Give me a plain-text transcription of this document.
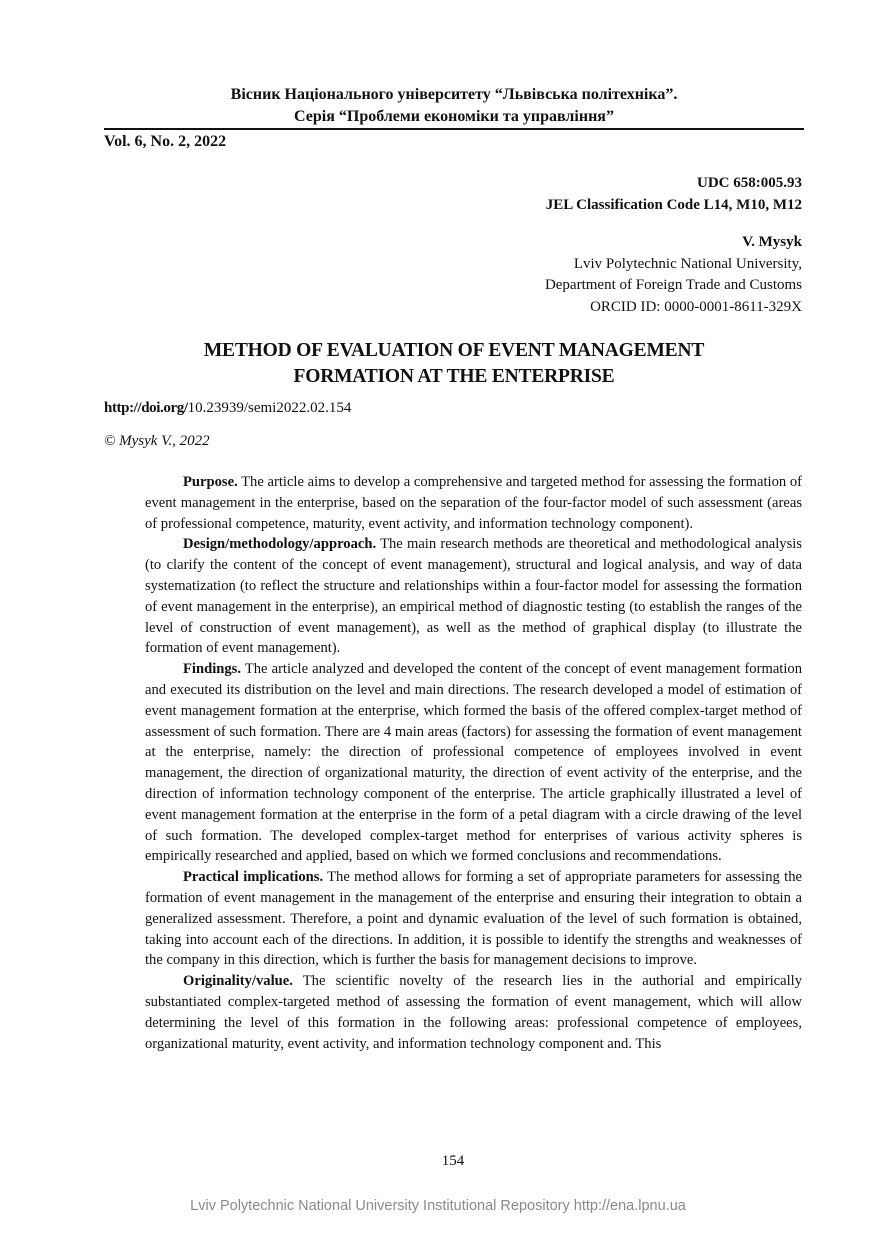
Вісник Національного університету “Львівська політехніка”.
Серія “Проблеми економіки та управління”
Vol. 6, No. 2, 2022
UDC 658:005.93
JEL Classification Code L14, M10, M12
V. Mysyk
Lviv Polytechnic National University,
Department of Foreign Trade and Customs
ORCID ID: 0000-0001-8611-329X
METHOD OF EVALUATION OF EVENT MANAGEMENT
FORMATION AT THE ENTERPRISE
http://doi.org/10.23939/semi2022.02.154
© Mysyk V., 2022

Purpose. The article aims to develop a comprehensive and targeted method for assessing the formation of event management in the enterprise, based on the separation of the four-factor model of such assessment (areas of professional competence, maturity, event activity, and information technology component).

Design/methodology/approach. The main research methods are theoretical and methodological analysis (to clarify the content of the concept of event management), structural and logical analysis, and way of data systematization (to reflect the structure and relationships within a four-factor model for assessing the formation of event management in the enterprise), an empirical method of diagnostic testing (to establish the ranges of the level of construction of event management), as well as the method of graphical display (to illustrate the formation of event management).

Findings. The article analyzed and developed the content of the concept of event management formation and executed its distribution on the level and main directions. The research developed a model of estimation of event management formation at the enterprise, which formed the basis of the offered complex-target method of assessment of such formation. There are 4 main areas (factors) for assessing the formation of event management at the enterprise, namely: the direction of professional competence of employees involved in event management, the direction of organizational maturity, the direction of event activity of the enterprise, and the direction of information technology component of the enterprise. The article graphically illustrated a level of event management formation at the enterprise in the form of a petal diagram with a circle drawing of the level of such formation. The developed complex-target method for enterprises of various activity spheres is empirically researched and applied, based on which we formed conclusions and recommendations.

Practical implications. The method allows for forming a set of appropriate parameters for assessing the formation of event management in the management of the enterprise and ensuring their integration to obtain a generalized assessment. Therefore, a point and dynamic evaluation of the level of such formation is obtained, taking into account each of the directions. In addition, it is possible to identify the strengths and weaknesses of the company in this direction, which is further the basis for management decisions to improve.

Originality/value. The scientific novelty of the research lies in the authorial and empirically substantiated complex-targeted method of assessing the formation of event management, which will allow determining the level of this formation in the following areas: professional competence of employees, organizational maturity, event activity, and information technology component and. This

154
Lviv Polytechnic National University Institutional Repository http://ena.lpnu.ua
